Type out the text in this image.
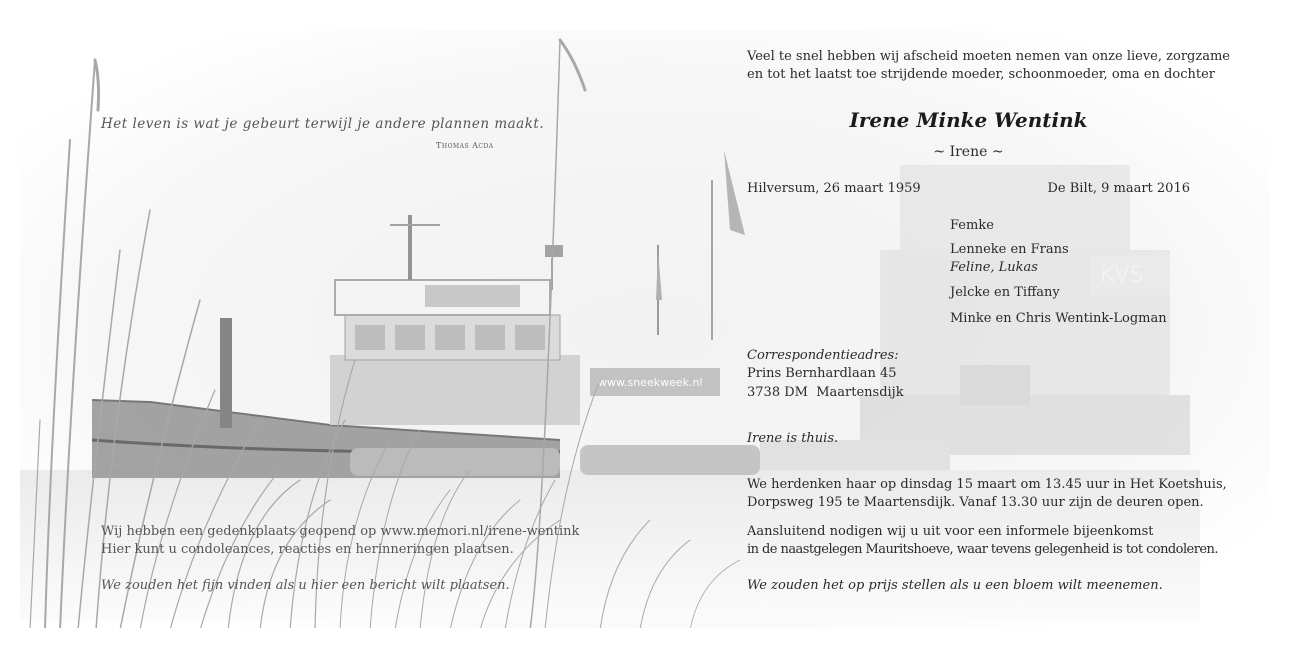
www.sneekweek.nl
KVS
Het leven is wat je gebeurt terwijl je andere plannen maakt.
Thomas Acda
Wij hebben een gedenkplaats geopend op www.memori.nl/irene-wentink
Hier kunt u condoleances, reacties en herinneringen plaatsen.
We zouden het fijn vinden als u hier een bericht wilt plaatsen.
Veel te snel hebben wij afscheid moeten nemen van onze lieve, zorgzame
en tot het laatst toe strijdende moeder, schoonmoeder, oma en dochter
Irene Minke Wentink
~ Irene ~
Hilversum, 26 maart 1959	De Bilt, 9 maart 2016
Femke
Lenneke en Frans
Feline, Lukas
Jelcke en Tiffany
Minke en Chris Wentink-Logman
Correspondentieadres:
Prins Bernhardlaan 45
3738 DM  Maartensdijk
Irene is thuis.
We herdenken haar op dinsdag 15 maart om 13.45 uur in Het Koetshuis,
Dorpsweg 195 te Maartensdijk. Vanaf 13.30 uur zijn de deuren open.
Aansluitend nodigen wij u uit voor een informele bijeenkomst
in de naastgelegen Mauritshoeve, waar tevens gelegenheid is tot condoleren.
We zouden het op prijs stellen als u een bloem wilt meenemen.
